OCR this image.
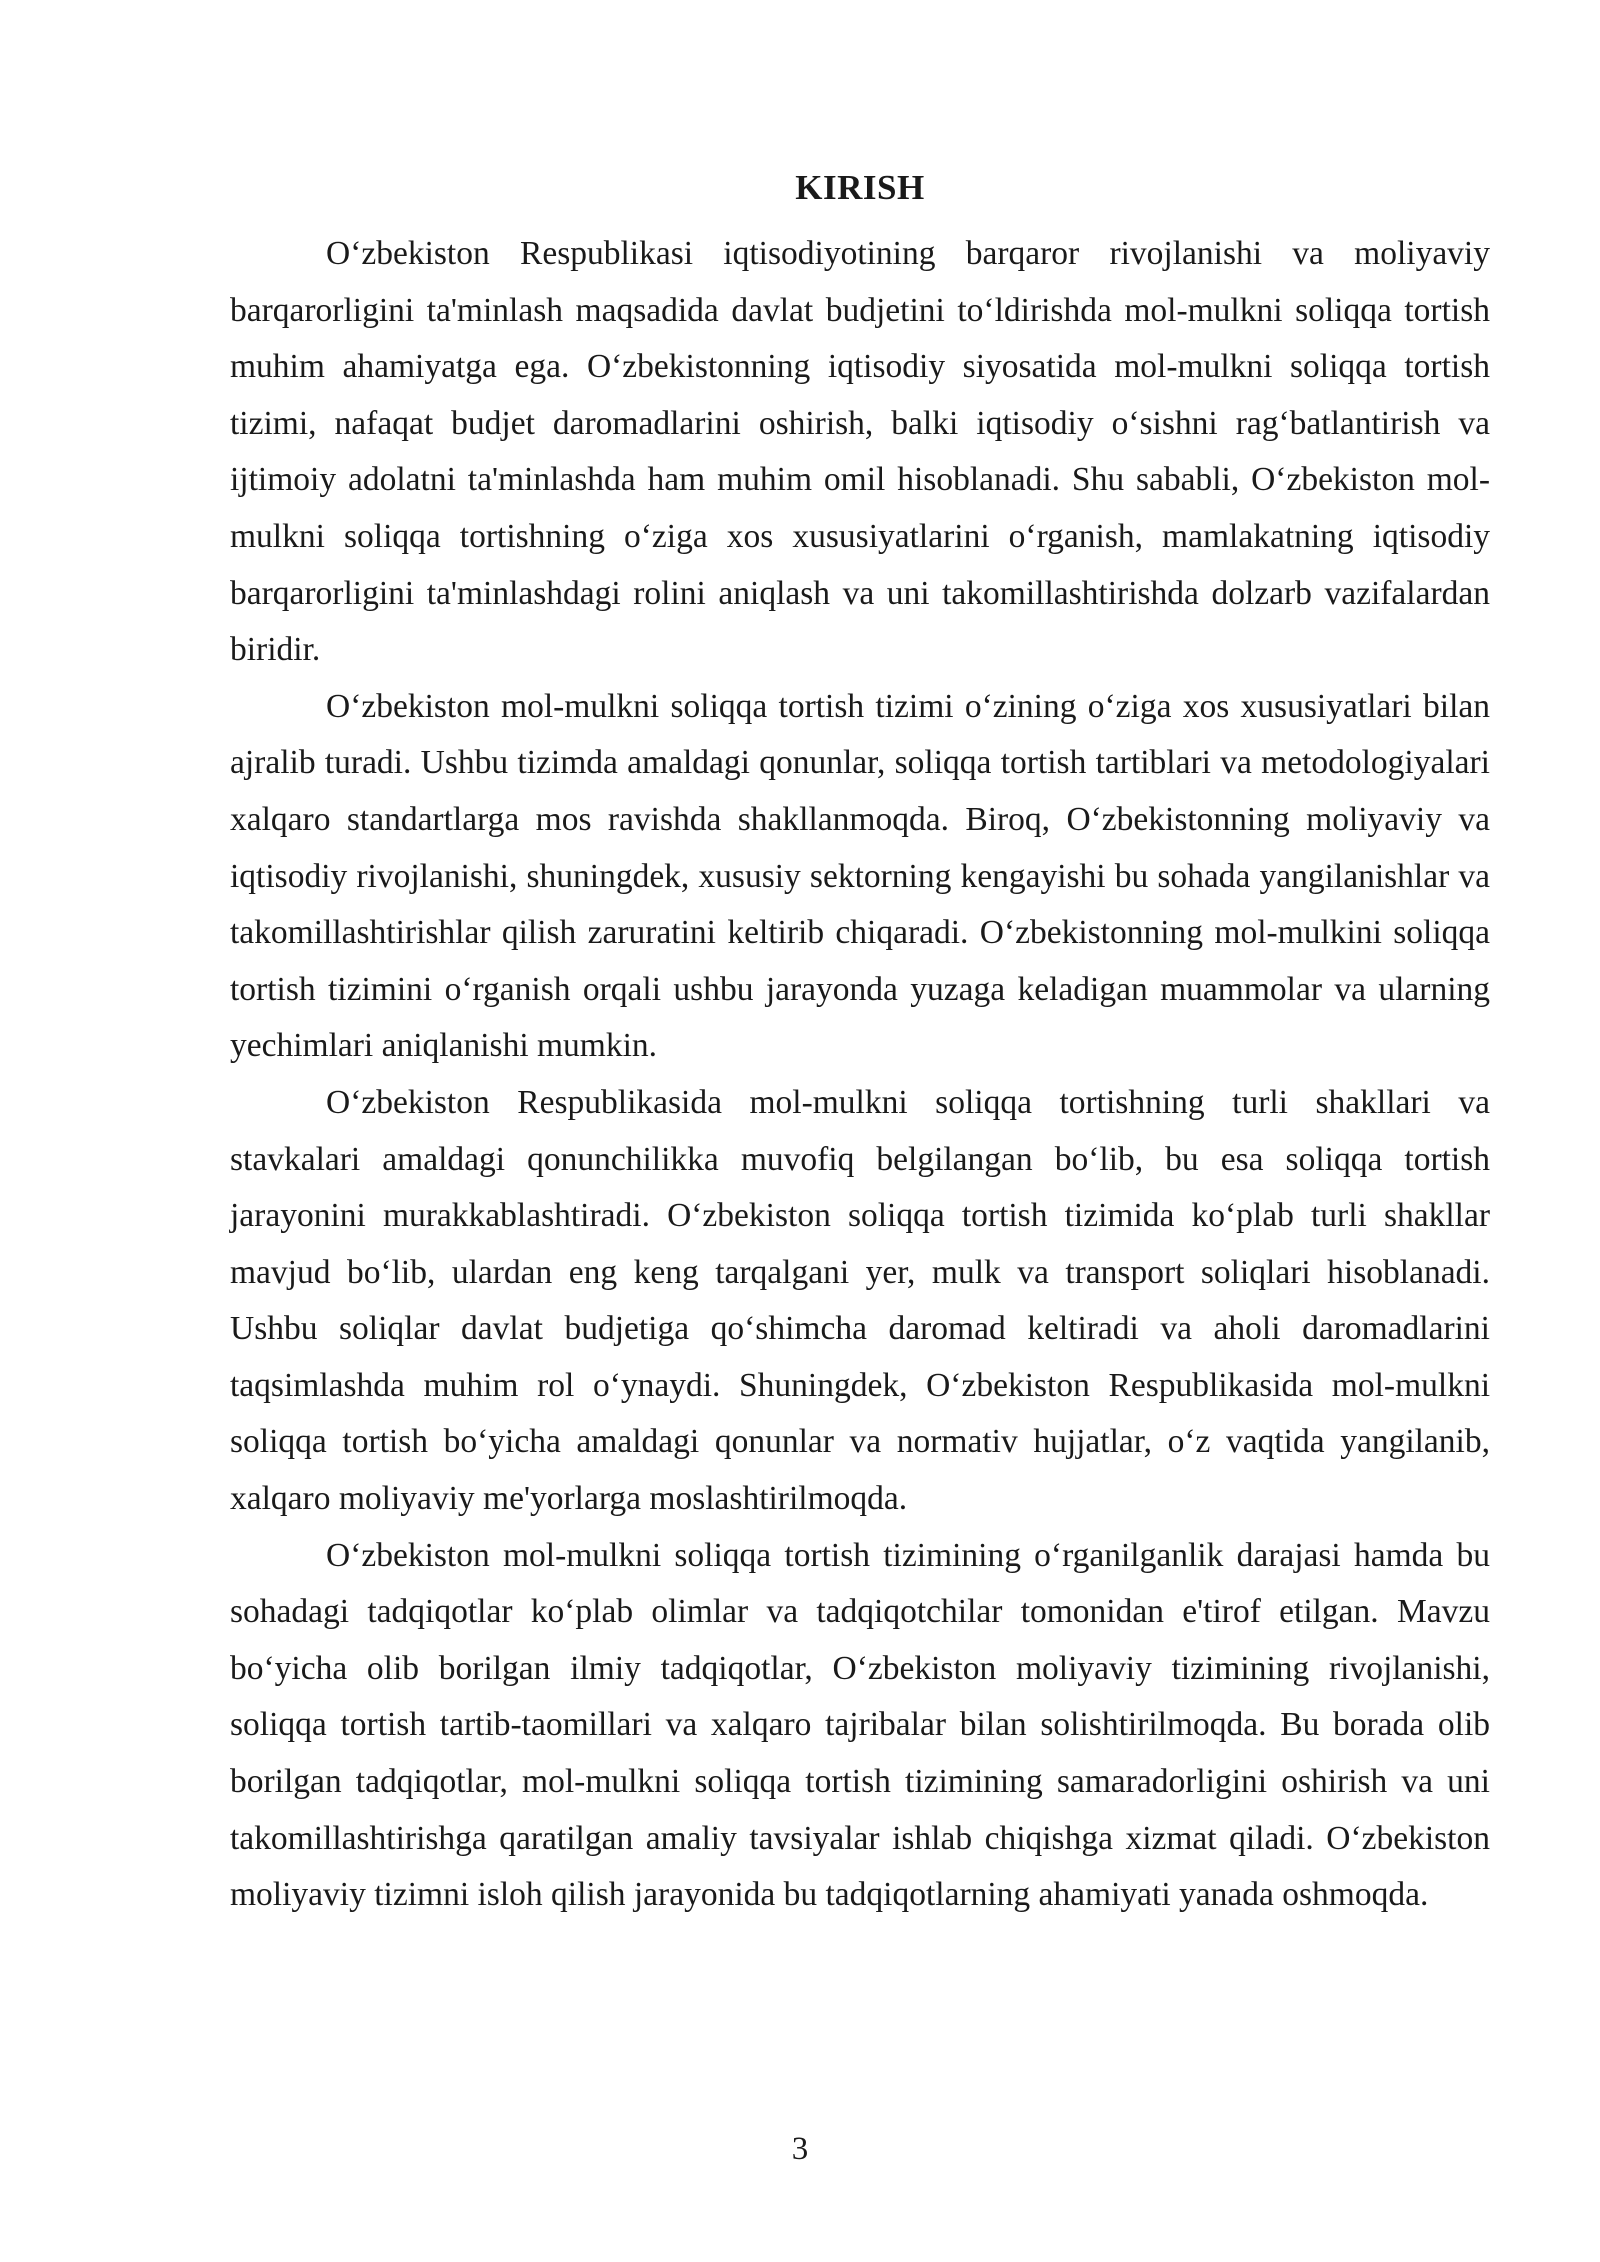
KIRISH

O‘zbekiston Respublikasi iqtisodiyotining barqaror rivojlanishi va moliyaviy barqarorligini ta'minlash maqsadida davlat budjetini to‘ldirishda mol-mulkni soliqqa tortish muhim ahamiyatga ega. O‘zbekistonning iqtisodiy siyosatida mol-mulkni soliqqa tortish tizimi, nafaqat budjet daromadlarini oshirish, balki iqtisodiy o‘sishni rag‘batlantirish va ijtimoiy adolatni ta'minlashda ham muhim omil hisoblanadi. Shu sababli, O‘zbekiston mol-mulkni soliqqa tortishning o‘ziga xos xususiyatlarini o‘rganish, mamlakatning iqtisodiy barqarorligini ta'minlashdagi rolini aniqlash va uni takomillashtirishda dolzarb vazifalardan biridir.

O‘zbekiston mol-mulkni soliqqa tortish tizimi o‘zining o‘ziga xos xususiyatlari bilan ajralib turadi. Ushbu tizimda amaldagi qonunlar, soliqqa tortish tartiblari va metodologiyalari xalqaro standartlarga mos ravishda shakllanmoqda. Biroq, O‘zbekistonning moliyaviy va iqtisodiy rivojlanishi, shuningdek, xususiy sektorning kengayishi bu sohada yangilanishlar va takomillashtirishlar qilish zaruratini keltirib chiqaradi. O‘zbekistonning mol-mulkini soliqqa tortish tizimini o‘rganish orqali ushbu jarayonda yuzaga keladigan muammolar va ularning yechimlari aniqlanishi mumkin.

O‘zbekiston Respublikasida mol-mulkni soliqqa tortishning turli shakllari va stavkalari amaldagi qonunchilikka muvofiq belgilangan bo‘lib, bu esa soliqqa tortish jarayonini murakkablashtiradi. O‘zbekiston soliqqa tortish tizimida ko‘plab turli shakllar mavjud bo‘lib, ulardan eng keng tarqalgani yer, mulk va transport soliqlari hisoblanadi. Ushbu soliqlar davlat budjetiga qo‘shimcha daromad keltiradi va aholi daromadlarini taqsimlashda muhim rol o‘ynaydi. Shuningdek, O‘zbekiston Respublikasida mol-mulkni soliqqa tortish bo‘yicha amaldagi qonunlar va normativ hujjatlar, o‘z vaqtida yangilanib, xalqaro moliyaviy me'yorlarga moslashtirilmoqda.

O‘zbekiston mol-mulkni soliqqa tortish tizimining o‘rganilganlik darajasi hamda bu sohadagi tadqiqotlar ko‘plab olimlar va tadqiqotchilar tomonidan e'tirof etilgan. Mavzu bo‘yicha olib borilgan ilmiy tadqiqotlar, O‘zbekiston moliyaviy tizimining rivojlanishi, soliqqa tortish tartib-taomillari va xalqaro tajribalar bilan solishtirilmoqda. Bu borada olib borilgan tadqiqotlar, mol-mulkni soliqqa tortish tizimining samaradorligini oshirish va uni takomillashtirishga qaratilgan amaliy tavsiyalar ishlab chiqishga xizmat qiladi. O‘zbekiston moliyaviy tizimni isloh qilish jarayonida bu tadqiqotlarning ahamiyati yanada oshmoqda.

3
